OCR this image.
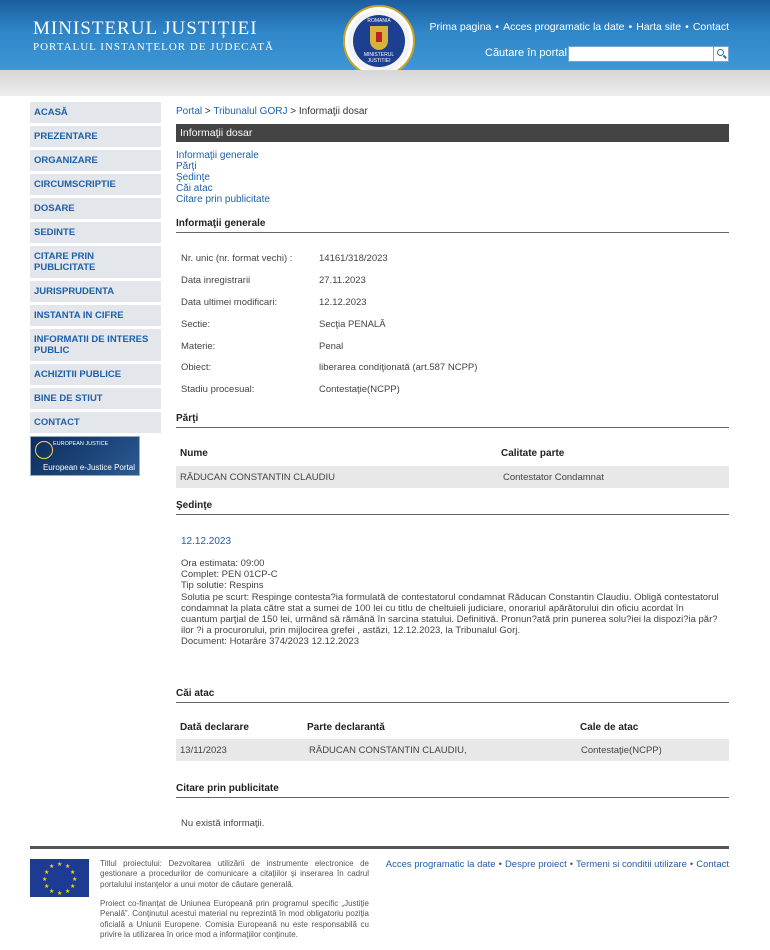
MINISTERUL JUSTIȚIEI
PORTALUL INSTANȚELOR DE JUDECATĂ
ROMANIA
MINISTERUL JUSTITIEI
Prima pagina • Acces programatic la date • Harta site • Contact
Căutare în portal
ACASĂ
PREZENTARE
ORGANIZARE
CIRCUMSCRIPTIE
DOSARE
SEDINTE
CITARE PRIN PUBLICITATE
JURISPRUDENTA
INSTANTA IN CIFRE
INFORMATII DE INTERES PUBLIC
ACHIZITII PUBLICE
BINE DE STIUT
CONTACT
EUROPEAN JUSTICE
European e-Justice Portal
Portal > Tribunalul GORJ > Informaţii dosar
Informaţii dosar
Informaţii generale
Părţi
Şedinţe
Căi atac
Citare prin publicitate
Informaţii generale
Nr. unic (nr. format vechi) :	14161/318/2023
Data inregistrarii	27.11.2023
Data ultimei modificari:	12.12.2023
Sectie:	Secţia PENALĂ
Materie:	Penal
Obiect:	liberarea condiţionată (art.587 NCPP)
Stadiu procesual:	Contestaţie(NCPP)
Părţi
Nume	Calitate parte
RĂDUCAN CONSTANTIN CLAUDIU	Contestator Condamnat
Şedinţe
12.12.2023
Ora estimata: 09:00
Complet: PEN 01CP-C
Tip solutie: Respins
Solutia pe scurt: Respinge contesta?ia formulată de contestatorul condamnat Răducan Constantin Claudiu. Obligă contestatorul condamnat la plata către stat a sumei de 100 lei cu titlu de cheltuieli judiciare, onorariul apărătorului din oficiu acordat în cuantum parţial de 150 lei, urmând să rămână în sarcina statului. Definitivă. Pronun?ată prin punerea solu?iei la dispozi?ia păr?ilor ?i a procurorului, prin mijlocirea grefei , astăzi, 12.12.2023, la Tribunalul Gorj.
Document: Hotarâre 374/2023 12.12.2023
Căi atac
Dată declarare	Parte declarantă	Cale de atac
13/11/2023	RĂDUCAN CONSTANTIN CLAUDIU,	Contestaţie(NCPP)
Citare prin publicitate
Nu există informaţii.
★ ★
★
★
★
★
★
★
★
★
★
★	Titlul proiectului: Dezvoltarea utilizării de instrumente electronice de gestionare a procedurilor de comunicare a citaţiilor şi inserarea în cadrul portalului instanţelor a unui motor de căutare generală.
Proiect co-finanţat de Uniunea Europeană prin programul specific „Justiţie Penală”. Conţinutul acestui material nu reprezintă în mod obligatoriu poziţia oficială a Uniunii Europene. Comisia Europeană nu este responsabilă cu privire la utilizarea în orice mod a informaţiilor conţinute.
Acces programatic la date • Despre proiect • Termeni si conditii utilizare • Contact
